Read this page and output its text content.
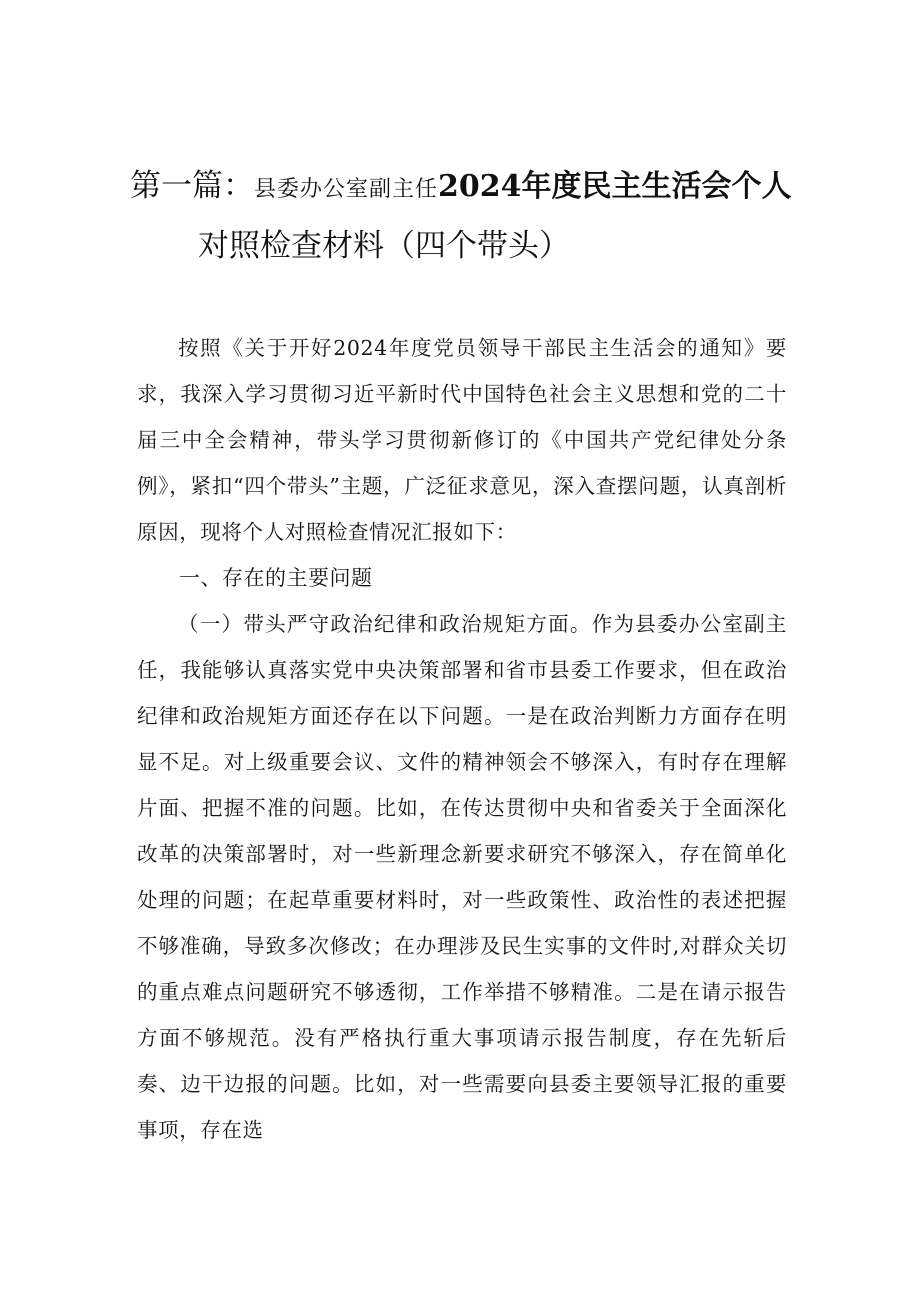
第一篇：县委办公室副主任2024年度民主生活会个人
对照检查材料（四个带头）

按照《关于开好2024年度党员领导干部民主生活会的通知》要求，我深入学习贯彻习近平新时代中国特色社会主义思想和党的二十届三中全会精神，带头学习贯彻新修订的《中国共产党纪律处分条例》，紧扣“四个带头”主题，广泛征求意见，深入查摆问题，认真剖析原因，现将个人对照检查情况汇报如下：

一、存在的主要问题

（一）带头严守政治纪律和政治规矩方面。作为县委办公室副主任，我能够认真落实党中央决策部署和省市县委工作要求，但在政治纪律和政治规矩方面还存在以下问题。一是在政治判断力方面存在明显不足。对上级重要会议、文件的精神领会不够深入，有时存在理解片面、把握不准的问题。比如，在传达贯彻中央和省委关于全面深化改革的决策部署时，对一些新理念新要求研究不够深入，存在简单化处理的问题；在起草重要材料时，对一些政策性、政治性的表述把握不够准确，导致多次修改；在办理涉及民生实事的文件时,对群众关切的重点难点问题研究不够透彻，工作举措不够精准。二是在请示报告方面不够规范。没有严格执行重大事项请示报告制度，存在先斩后奏、边干边报的问题。比如，对一些需要向县委主要领导汇报的重要事项，存在选
